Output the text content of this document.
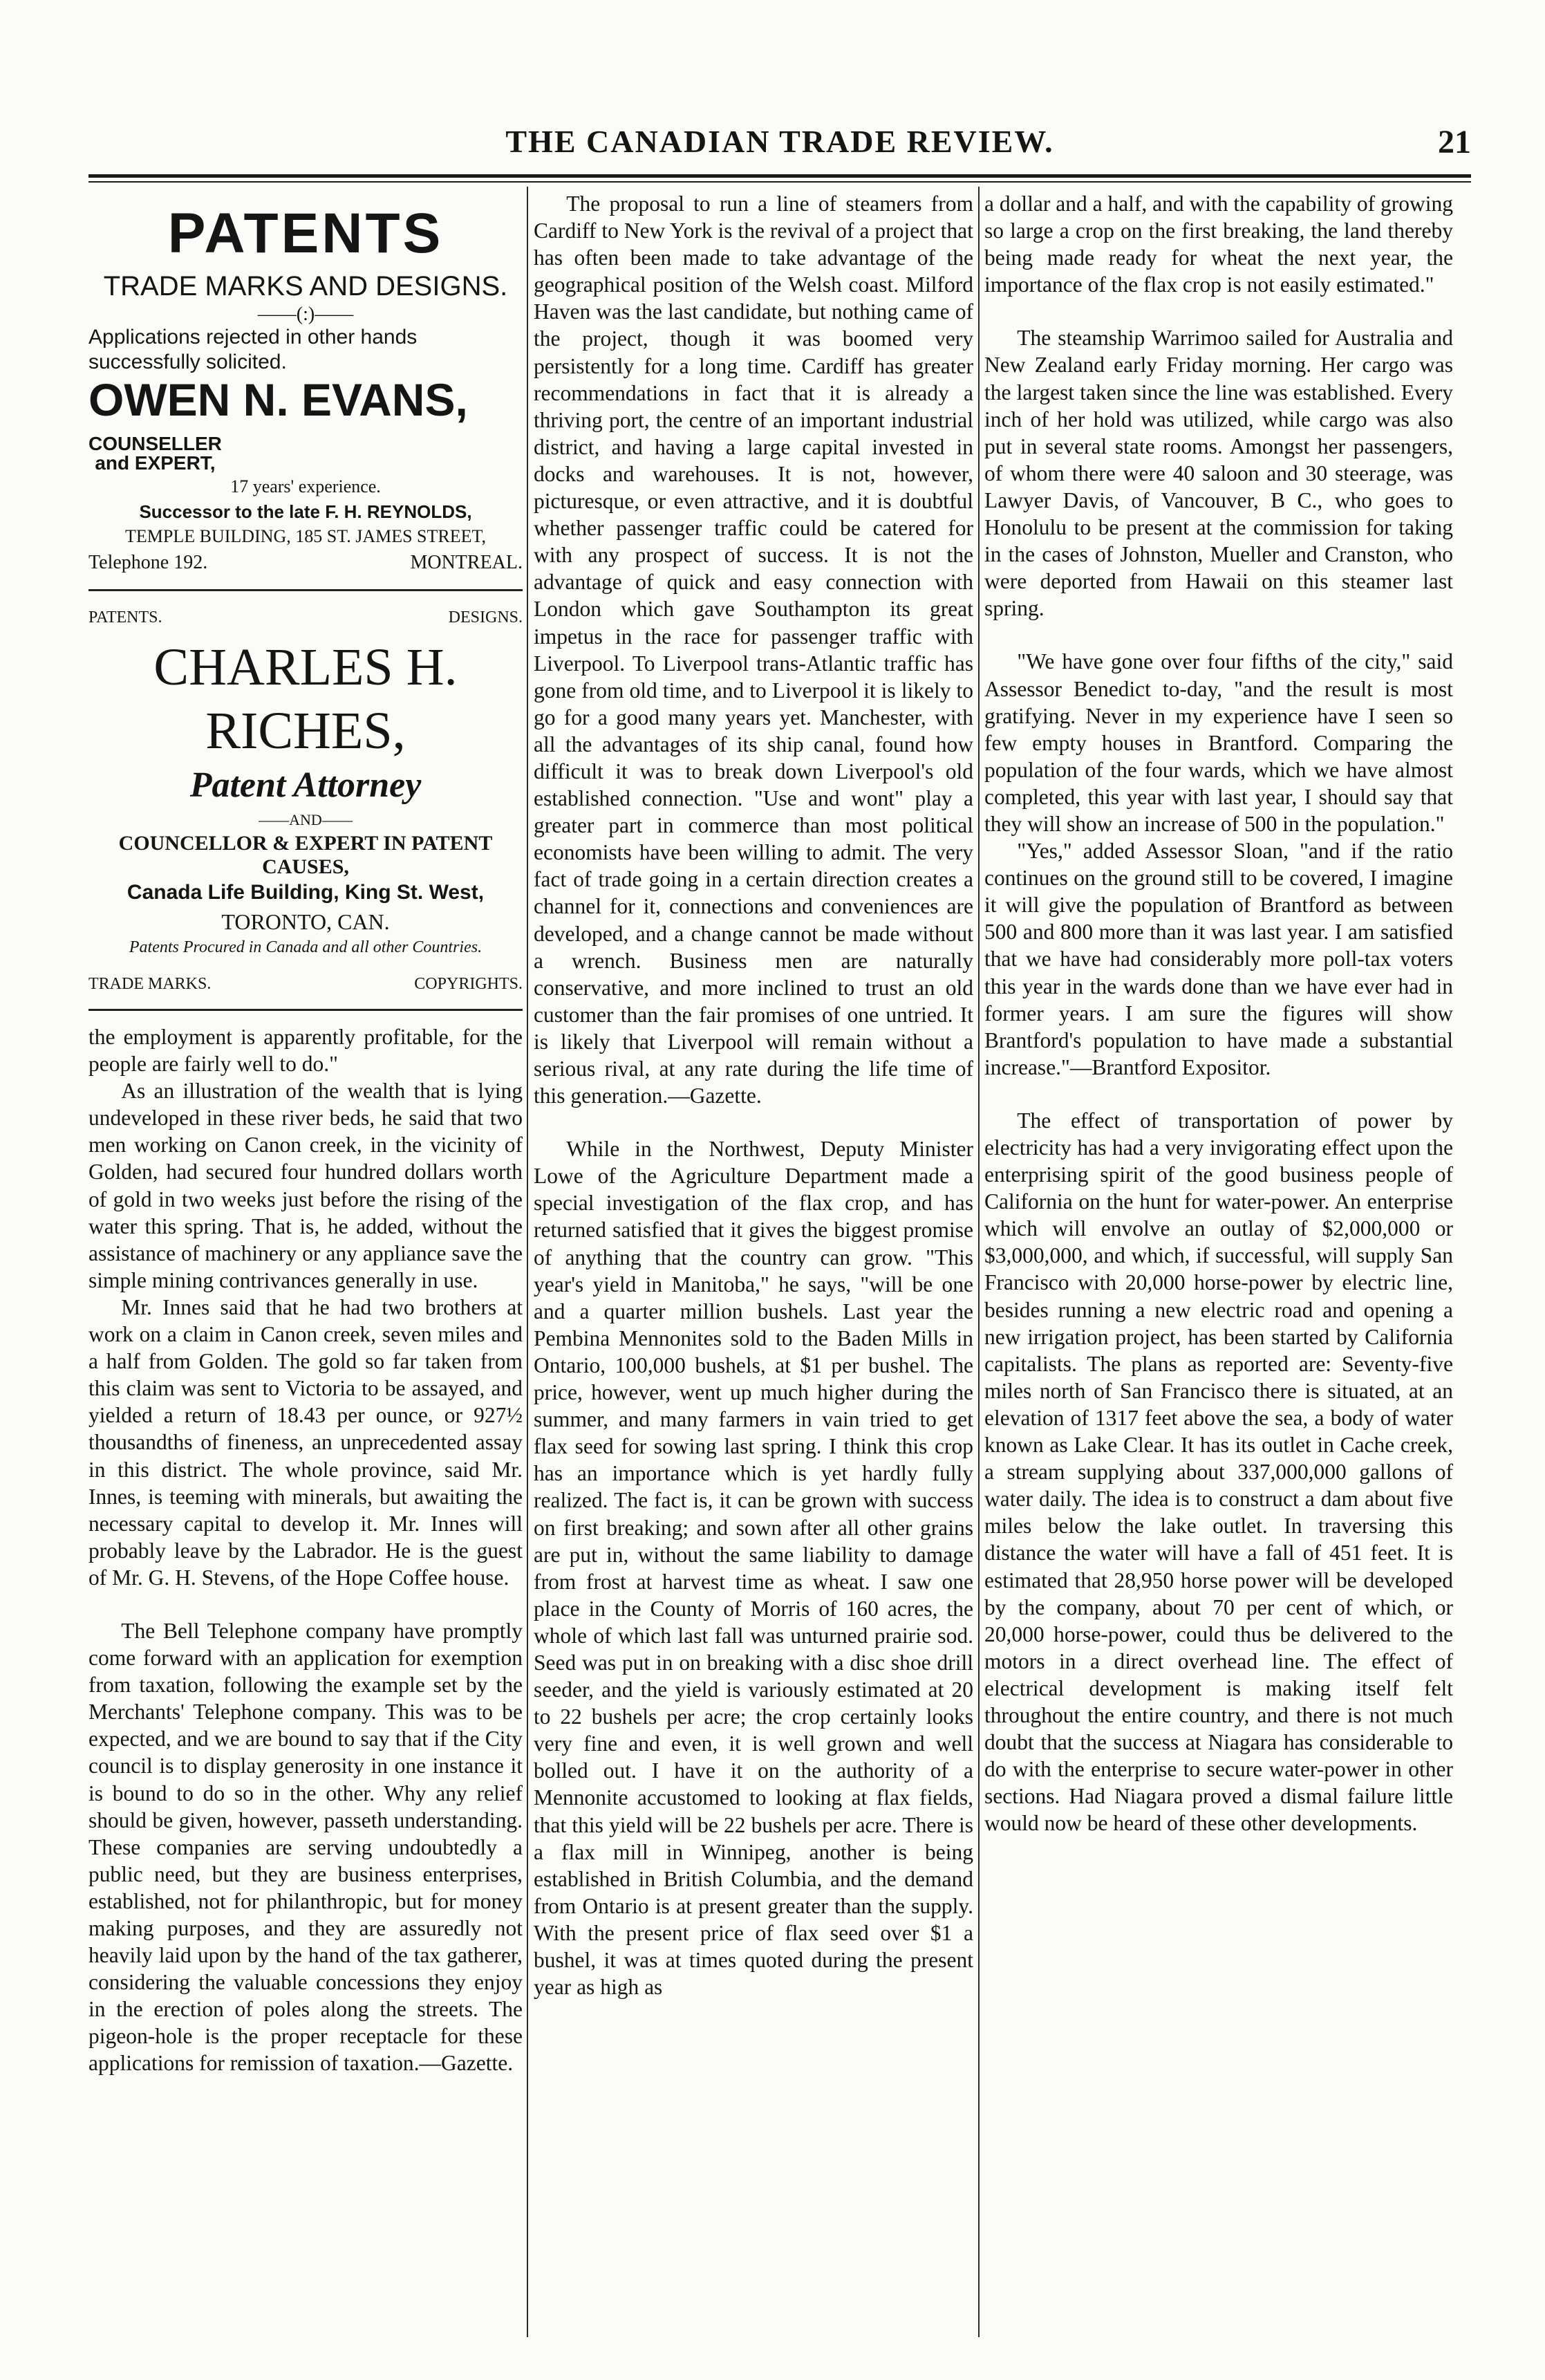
THE CANADIAN TRADE REVIEW.	21
PATENTS
TRADE MARKS AND DESIGNS.
——(:)——
Applications rejected in other hands successfully solicited.
OWEN N. EVANS, COUNSELLER
and EXPERT,
17 years' experience.
Successor to the late F. H. REYNOLDS,
TEMPLE BUILDING, 185 ST. JAMES STREET,
Telephone 192.	MONTREAL.
PATENTS.	DESIGNS.
CHARLES H. RICHES,
Patent Attorney
——AND——
COUNCELLOR & EXPERT IN PATENT CAUSES,
Canada Life Building, King St. West,
TORONTO, CAN.
Patents Procured in Canada and all other Countries.
TRADE MARKS.	COPYRIGHTS.

the employment is apparently profitable, for the people are fairly well to do."

As an illustration of the wealth that is lying undeveloped in these river beds, he said that two men working on Canon creek, in the vicinity of Golden, had secured four hundred dollars worth of gold in two weeks just before the rising of the water this spring. That is, he added, without the assistance of machinery or any appliance save the simple mining contrivances generally in use.

Mr. Innes said that he had two brothers at work on a claim in Canon creek, seven miles and a half from Golden. The gold so far taken from this claim was sent to Victoria to be assayed, and yielded a return of 18.43 per ounce, or 927½ thousandths of fineness, an unprecedented assay in this district. The whole province, said Mr. Innes, is teeming with minerals, but awaiting the necessary capital to develop it. Mr. Innes will probably leave by the Labrador. He is the guest of Mr. G. H. Stevens, of the Hope Coffee house.

The Bell Telephone company have promptly come forward with an application for exemption from taxation, following the example set by the Merchants' Telephone company. This was to be expected, and we are bound to say that if the City council is to display generosity in one instance it is bound to do so in the other. Why any relief should be given, however, passeth understanding. These companies are serving undoubtedly a public need, but they are business enterprises, established, not for philanthropic, but for money making purposes, and they are assuredly not heavily laid upon by the hand of the tax gatherer, considering the valuable concessions they enjoy in the erection of poles along the streets. The pigeon-hole is the proper receptacle for these applications for remission of taxation.—Gazette.

The proposal to run a line of steamers from Cardiff to New York is the revival of a project that has often been made to take advantage of the geographical position of the Welsh coast. Milford Haven was the last candidate, but nothing came of the project, though it was boomed very persistently for a long time. Cardiff has greater recommendations in fact that it is already a thriving port, the centre of an important industrial district, and having a large capital invested in docks and warehouses. It is not, however, picturesque, or even attractive, and it is doubtful whether passenger traffic could be catered for with any prospect of success. It is not the advantage of quick and easy connection with London which gave Southampton its great impetus in the race for passenger traffic with Liverpool. To Liverpool trans-Atlantic traffic has gone from old time, and to Liverpool it is likely to go for a good many years yet. Manchester, with all the advantages of its ship canal, found how difficult it was to break down Liverpool's old established connection. "Use and wont" play a greater part in commerce than most political economists have been willing to admit. The very fact of trade going in a certain direction creates a channel for it, connections and conveniences are developed, and a change cannot be made without a wrench. Business men are naturally conservative, and more inclined to trust an old customer than the fair promises of one untried. It is likely that Liverpool will remain without a serious rival, at any rate during the life time of this generation.—Gazette.

While in the Northwest, Deputy Minister Lowe of the Agriculture Department made a special investigation of the flax crop, and has returned satisfied that it gives the biggest promise of anything that the country can grow. "This year's yield in Manitoba," he says, "will be one and a quarter million bushels. Last year the Pembina Mennonites sold to the Baden Mills in Ontario, 100,000 bushels, at $1 per bushel. The price, however, went up much higher during the summer, and many farmers in vain tried to get flax seed for sowing last spring. I think this crop has an importance which is yet hardly fully realized. The fact is, it can be grown with success on first breaking; and sown after all other grains are put in, without the same liability to damage from frost at harvest time as wheat. I saw one place in the County of Morris of 160 acres, the whole of which last fall was unturned prairie sod. Seed was put in on breaking with a disc shoe drill seeder, and the yield is variously estimated at 20 to 22 bushels per acre; the crop certainly looks very fine and even, it is well grown and well bolled out. I have it on the authority of a Mennonite accustomed to looking at flax fields, that this yield will be 22 bushels per acre. There is a flax mill in Winnipeg, another is being established in British Columbia, and the demand from Ontario is at present greater than the supply. With the present price of flax seed over $1 a bushel, it was at times quoted during the present year as high as

a dollar and a half, and with the capability of growing so large a crop on the first breaking, the land thereby being made ready for wheat the next year, the importance of the flax crop is not easily estimated."

The steamship Warrimoo sailed for Australia and New Zealand early Friday morning. Her cargo was the largest taken since the line was established. Every inch of her hold was utilized, while cargo was also put in several state rooms. Amongst her passengers, of whom there were 40 saloon and 30 steerage, was Lawyer Davis, of Vancouver, B C., who goes to Honolulu to be present at the commission for taking in the cases of Johnston, Mueller and Cranston, who were deported from Hawaii on this steamer last spring.

"We have gone over four fifths of the city," said Assessor Benedict to-day, "and the result is most gratifying. Never in my experience have I seen so few empty houses in Brantford. Comparing the population of the four wards, which we have almost completed, this year with last year, I should say that they will show an increase of 500 in the population."

"Yes," added Assessor Sloan, "and if the ratio continues on the ground still to be covered, I imagine it will give the population of Brantford as between 500 and 800 more than it was last year. I am satisfied that we have had considerably more poll-tax voters this year in the wards done than we have ever had in former years. I am sure the figures will show Brantford's population to have made a substantial increase."—Brantford Expositor.

The effect of transportation of power by electricity has had a very invigorating effect upon the enterprising spirit of the good business people of California on the hunt for water-power. An enterprise which will envolve an outlay of $2,000,000 or $3,000,000, and which, if successful, will supply San Francisco with 20,000 horse-power by electric line, besides running a new electric road and opening a new irrigation project, has been started by California capitalists. The plans as reported are: Seventy-five miles north of San Francisco there is situated, at an elevation of 1317 feet above the sea, a body of water known as Lake Clear. It has its outlet in Cache creek, a stream supplying about 337,000,000 gallons of water daily. The idea is to construct a dam about five miles below the lake outlet. In traversing this distance the water will have a fall of 451 feet. It is estimated that 28,950 horse power will be developed by the company, about 70 per cent of which, or 20,000 horse-power, could thus be delivered to the motors in a direct overhead line. The effect of electrical development is making itself felt throughout the entire country, and there is not much doubt that the success at Niagara has considerable to do with the enterprise to secure water-power in other sections. Had Niagara proved a dismal failure little would now be heard of these other developments.
